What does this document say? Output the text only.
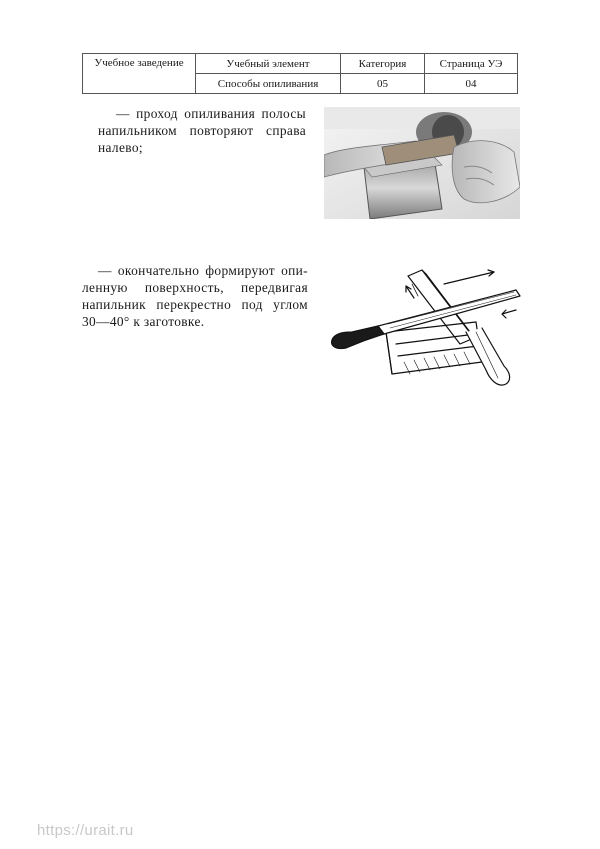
Учебное заведение	Учебный элемент	Категория	Страница УЭ
	Способы опиливания	05	04
— проход опиливания полосы
напильником повторяют справа
налево;
— окончательно формируют опи-
ленную поверхность, передвигая
напильник перекрестно под углом
30—40° к заготовке.
https://urait.ru
